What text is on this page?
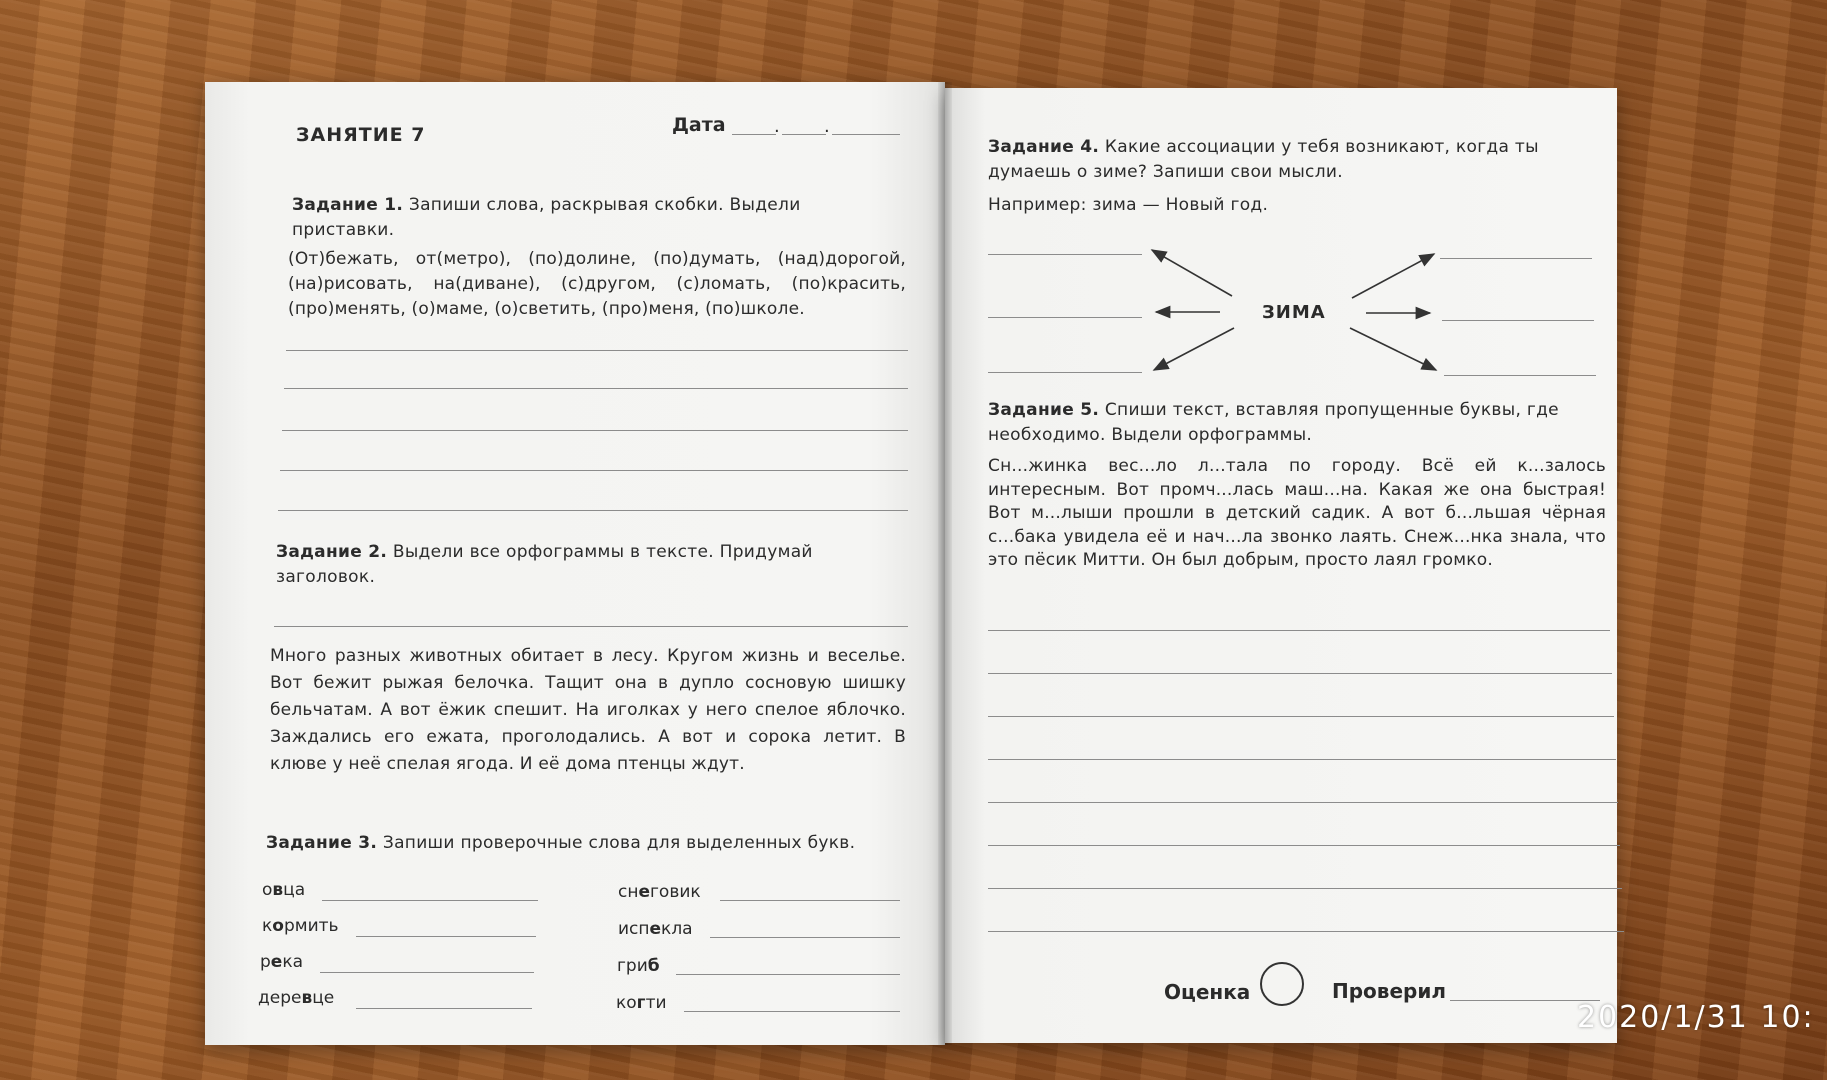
ЗАНЯТИЕ 7	Дата	. .
Задание 1. Запиши слова, раскрывая скобки. Выдели приставки.
(От)бежать, от(метро), (по)долине, (по)думать, (над)дорогой, (на)рисовать, на(диване), (с)другом, (с)ломать, (по)красить, (про)менять, (о)маме, (о)светить, (про)меня, (по)школе.
Задание 2. Выдели все орфограммы в тексте. Придумай заголовок.
Много разных животных обитает в лесу. Кругом жизнь и веселье. Вот бежит рыжая белочка. Тащит она в дупло сосновую шишку бельчатам. А вот ёжик спешит. На иголках у него спелое яблочко. Заждались его ежата, проголодались. А вот и сорока летит. В клюве у неё спелая ягода. И её дома птенцы ждут.
Задание 3. Запиши проверочные слова для выделенных букв.
овца
кормить
река
деревце
снеговик
испекла
гриб
когти
Задание 4. Какие ассоциации у тебя возникают, когда ты думаешь о зиме? Запиши свои мысли.
Например: зима — Новый год.
ЗИМА
Задание 5. Спиши текст, вставляя пропущенные буквы, где необходимо. Выдели орфограммы.
Сн...жинка вес...ло л...тала по городу. Всё ей к...залось интересным. Вот промч...лась маш...на. Какая же она быстрая! Вот м...лыши прошли в детский садик. А вот б...льшая чёрная с...бака увидела её и нач...ла звонко лаять. Снеж...нка знала, что это пёсик Митти. Он был добрым, просто лаял громко.
Оценка	Проверил
2020/1/31 10:
